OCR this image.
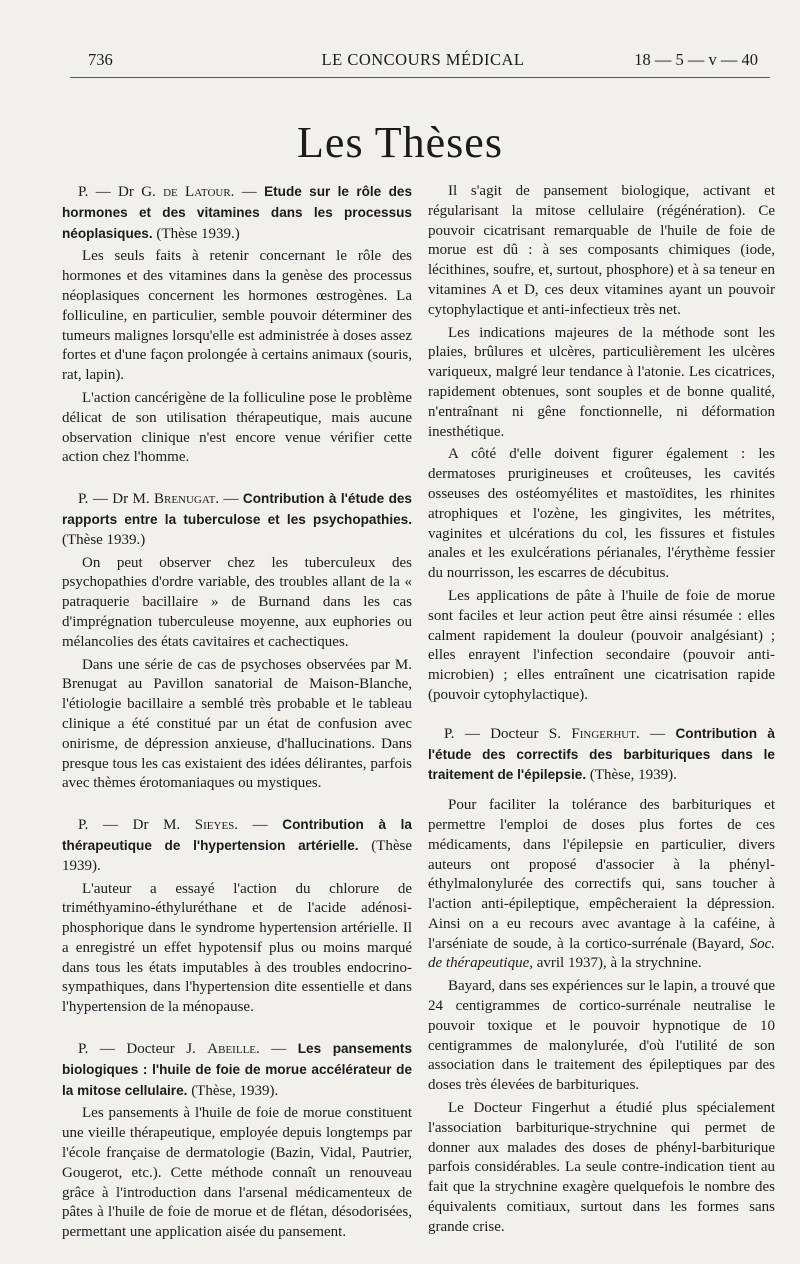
736	LE CONCOURS MÉDICAL	18 — 5 — v — 40
Les Thèses

P. — Dr G. de Latour. — Etude sur le rôle des hormones et des vitamines dans les processus néoplasiques. (Thèse 1939.)

Les seuls faits à retenir concernant le rôle des hormones et des vitamines dans la genèse des processus néoplasiques concernent les hormones œstrogènes. La folliculine, en particulier, semble pouvoir déterminer des tumeurs malignes lorsqu'elle est administrée à doses assez fortes et d'une façon prolongée à certains animaux (souris, rat, lapin).

L'action cancérigène de la folliculine pose le problème délicat de son utilisation thérapeutique, mais aucune observation clinique n'est encore venue vérifier cette action chez l'homme.

P. — Dr M. Brenugat. — Contribution à l'étude des rapports entre la tuberculose et les psychopathies. (Thèse 1939.)

On peut observer chez les tuberculeux des psychopathies d'ordre variable, des troubles allant de la « patraquerie bacillaire » de Burnand dans les cas d'imprégnation tuberculeuse moyenne, aux euphories ou mélancolies des états cavitaires et cachectiques.

Dans une série de cas de psychoses observées par M. Brenugat au Pavillon sanatorial de Maison-Blanche, l'étiologie bacillaire a semblé très probable et le tableau clinique a été constitué par un état de confusion avec onirisme, de dépression anxieuse, d'hallucinations. Dans presque tous les cas existaient des idées délirantes, parfois avec thèmes érotomaniaques ou mystiques.

P. — Dr M. Sieyes. — Contribution à la thérapeutique de l'hypertension artérielle. (Thèse 1939).

L'auteur a essayé l'action du chlorure de triméthyamino-éthyluréthane et de l'acide adénosi-phosphorique dans le syndrome hypertension artérielle. Il a enregistré un effet hypotensif plus ou moins marqué dans tous les états imputables à des troubles endocrino-sympathiques, dans l'hypertension dite essentielle et dans l'hypertension de la ménopause.

P. — Docteur J. Abeille. — Les pansements biologiques : l'huile de foie de morue accélérateur de la mitose cellulaire. (Thèse, 1939).

Les pansements à l'huile de foie de morue constituent une vieille thérapeutique, employée depuis longtemps par l'école française de dermatologie (Bazin, Vidal, Pautrier, Gougerot, etc.). Cette méthode connaît un renouveau grâce à l'introduction dans l'arsenal médicamenteux de pâtes à l'huile de foie de morue et de flétan, désodorisées, permettant une application aisée du pansement.

Il s'agit de pansement biologique, activant et régularisant la mitose cellulaire (régénération). Ce pouvoir cicatrisant remarquable de l'huile de foie de morue est dû : à ses composants chimiques (iode, lécithines, soufre, et, surtout, phosphore) et à sa teneur en vitamines A et D, ces deux vitamines ayant un pouvoir cytophylactique et anti-infectieux très net.

Les indications majeures de la méthode sont les plaies, brûlures et ulcères, particulièrement les ulcères variqueux, malgré leur tendance à l'atonie. Les cicatrices, rapidement obtenues, sont souples et de bonne qualité, n'entraînant ni gêne fonctionnelle, ni déformation inesthétique.

A côté d'elle doivent figurer également : les dermatoses prurigineuses et croûteuses, les cavités osseuses des ostéomyélites et mastoïdites, les rhinites atrophiques et l'ozène, les gingivites, les métrites, vaginites et ulcérations du col, les fissures et fistules anales et les exulcérations périanales, l'érythème fessier du nourrisson, les escarres de décubitus.

Les applications de pâte à l'huile de foie de morue sont faciles et leur action peut être ainsi résumée : elles calment rapidement la douleur (pouvoir analgésiant) ; elles enrayent l'infection secondaire (pouvoir anti-microbien) ; elles entraînent une cicatrisation rapide (pouvoir cytophylactique).

P. — Docteur S. Fingerhut. — Contribution à l'étude des correctifs des barbituriques dans le traitement de l'épilepsie. (Thèse, 1939).

Pour faciliter la tolérance des barbituriques et permettre l'emploi de doses plus fortes de ces médicaments, dans l'épilepsie en particulier, divers auteurs ont proposé d'associer à la phényl-éthylmalonylurée des correctifs qui, sans toucher à l'action anti-épileptique, empêcheraient la dépression. Ainsi on a eu recours avec avantage à la caféine, à l'arséniate de soude, à la cortico-surrénale (Bayard, Soc. de thérapeutique, avril 1937), à la strychnine.

Bayard, dans ses expériences sur le lapin, a trouvé que 24 centigrammes de cortico-surrénale neutralise le pouvoir toxique et le pouvoir hypnotique de 10 centigrammes de malonylurée, d'où l'utilité de son association dans le traitement des épileptiques par des doses très élevées de barbituriques.

Le Docteur Fingerhut a étudié plus spécialement l'association barbiturique-strychnine qui permet de donner aux malades des doses de phényl-barbiturique parfois considérables. La seule contre-indication tient au fait que la strychnine exagère quelquefois le nombre des équivalents comitiaux, surtout dans les formes sans grande crise.
